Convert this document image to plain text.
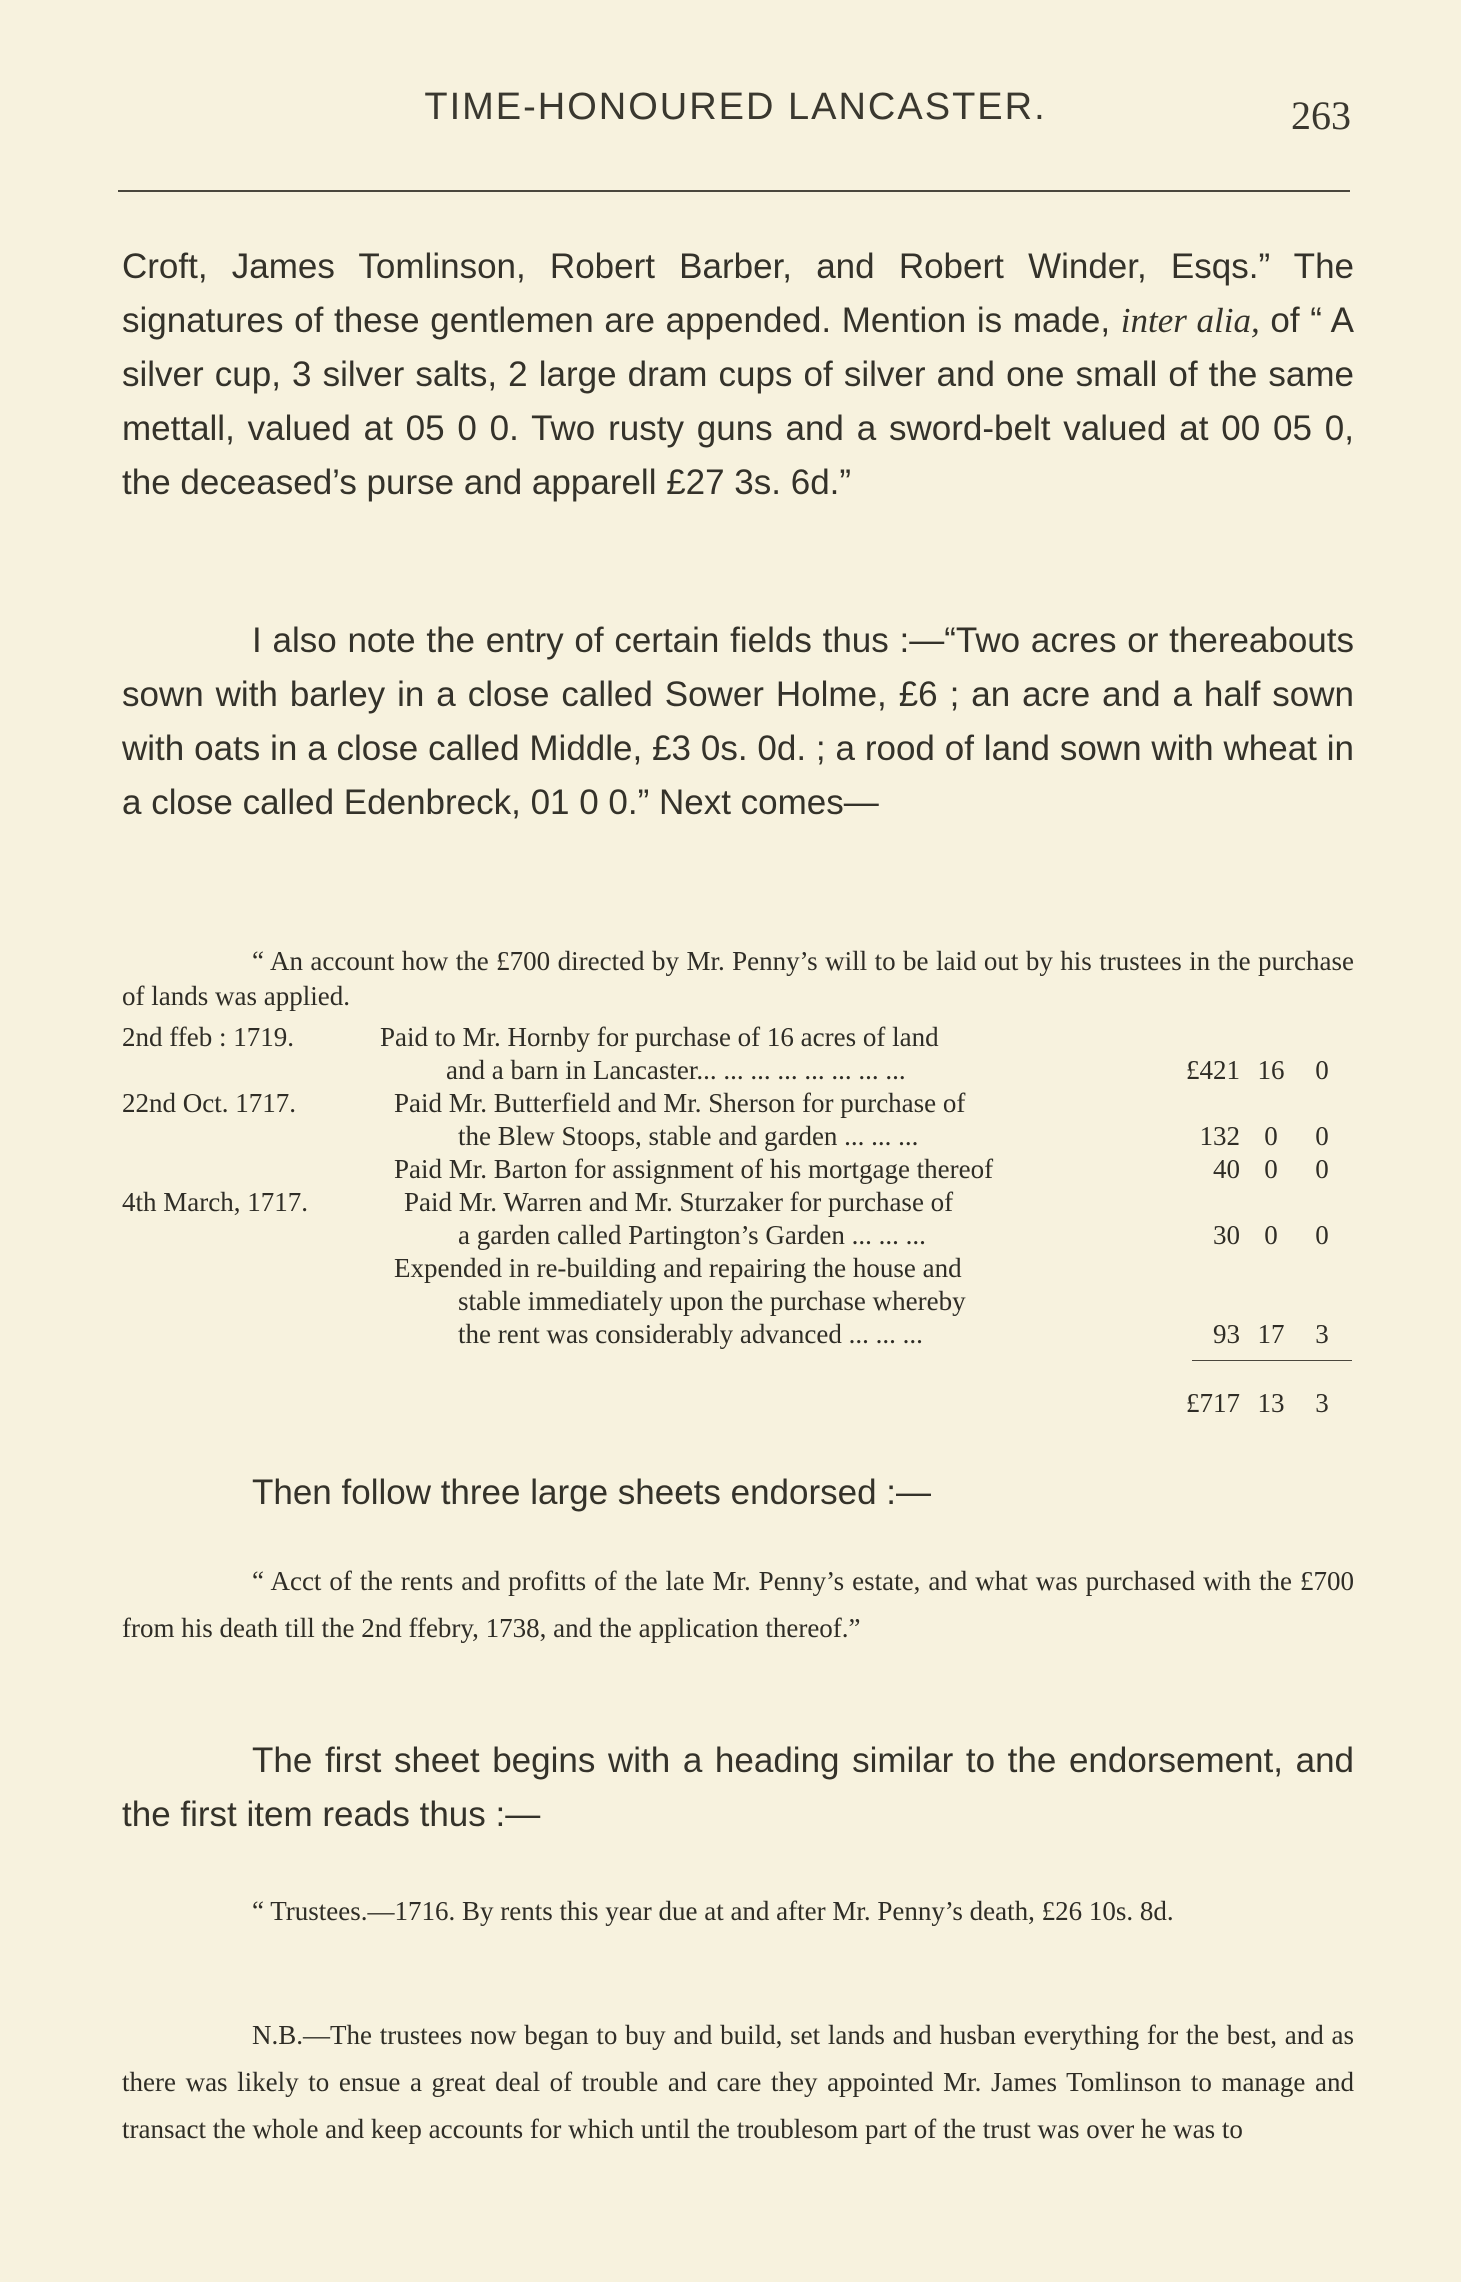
TIME-HONOURED LANCASTER.	263

Croft, James Tomlinson, Robert Barber, and Robert Winder, Esqs.” The signatures of these gentlemen are appended. Mention is made, inter alia, of “ A silver cup, 3 silver salts, 2 large dram cups of silver and one small of the same mettall, valued at 05 0 0. Two rusty guns and a sword-belt valued at 00 05 0, the deceased’s purse and apparell £27 3s. 6d.”

I also note the entry of certain fields thus :—“Two acres or thereabouts sown with barley in a close called Sower Holme, £6 ; an acre and a half sown with oats in a close called Middle, £3 0s. 0d. ; a rood of land sown with wheat in a close called Edenbreck, 01 0 0.” Next comes—

“ An account how the £700 directed by Mr. Penny’s will to be laid out by his trustees in the purchase of lands was applied.

2nd ffeb : 1719.	Paid to Mr. Hornby for purchase of 16 acres of land
and a barn in Lancaster... ... ... ... ... ... ... ...	£421 16	0
22nd Oct. 1717.	Paid Mr. Butterfield and Mr. Sherson for purchase of
the Blew Stoops, stable and garden ... ... ...	132 0	0
Paid Mr. Barton for assignment of his mortgage thereof	40 0	0
4th March, 1717.	Paid Mr. Warren and Mr. Sturzaker for purchase of
a garden called Partington’s Garden ... ... ...	30 0	0
Expended in re-building and repairing the house and
stable immediately upon the purchase whereby
the rent was considerably advanced ... ... ...	93 17	3
£717 13	3

Then follow three large sheets endorsed :—

“ Acct of the rents and profitts of the late Mr. Penny’s estate, and what was purchased with the £700 from his death till the 2nd ffebry, 1738, and the application thereof.”

The first sheet begins with a heading similar to the endorsement, and the first item reads thus :—

“ Trustees.—1716. By rents this year due at and after Mr. Penny’s death, £26 10s. 8d.

N.B.—The trustees now began to buy and build, set lands and husban everything for the best, and as there was likely to ensue a great deal of trouble and care they appointed Mr. James Tomlinson to manage and transact the whole and keep accounts for which until the troublesom part of the trust was over he was to
